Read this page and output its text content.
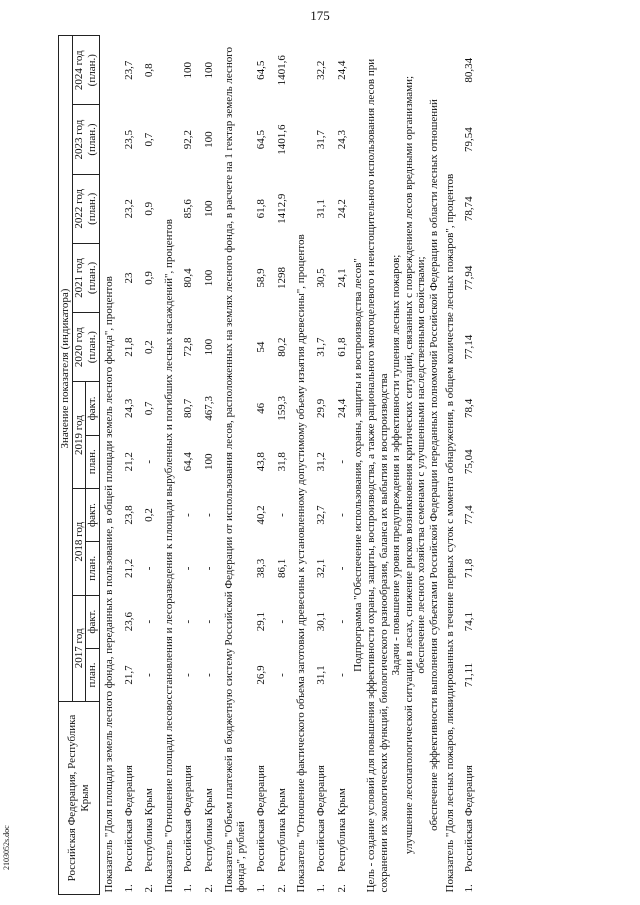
175
2103052s.doc	Российская Федерация, Республика Крым		Значение показателя (индикатора)										
		2017 год		2018 год		2019 год		2020 год (план.)	2021 год (план.)	2022 год (план.)	2023 год (план.)	2024 год (план.)
		план.	факт.	план.	факт.	план.	факт.					
Показатель "Доля площади земель лесного фонда, переданных в пользование, в общей площади земель лесного фонда", процентов												
1.	Российская Федерация	21,7	23,6	21,2	23,8	21,2	24,3	21,8	23	23,2	23,5	23,7
2.	Республика Крым	-	-	-	0,2	-	0,7	0,2	0,9	0,9	0,7	0,8
Показатель "Отношение площади лесовосстановления и лесоразведения к площади вырубленных и погибших лесных насаждений", процентов												
1.	Российская Федерация	-	-	-	-	64,4	80,7	72,8	80,4	85,6	92,2	100
2.	Республика Крым	-	-	-	-	100	467,3	100	100	100	100	100
Показатель "Объем платежей в бюджетную систему Российской Федерации от использования лесов, расположенных на землях лесного фонда, в расчете на 1 гектар земель лесного фонда", рублей												
1.	Российская Федерация	26,9	29,1	38,3	40,2	43,8	46	54	58,9	61,8	64,5	64,5
2.	Республика Крым	-	-	86,1	-	31,8	159,3	80,2	1298	1412,9	1401,6	1401,6
Показатель "Отношение фактического объема заготовки древесины к установленному допустимому объему изъятия древесины", процентов												
1.	Российская Федерация	31,1	30,1	32,1	32,7	31,2	29,9	31,7	30,5	31,1	31,7	32,2
2.	Республика Крым	-	-	-	-	-	24,4	61,8	24,1	24,2	24,3	24,4
Подпрограмма "Обеспечение использования, охраны, защиты и воспроизводства лесов"												
Цель - создание условий для повышения эффективности охраны, защиты, воспроизводства, а также рационального многоцелевого и неистощительного использования лесов при сохранении их экологических функций, биологического разнообразия, баланса их выбытия и воспроизводства												
Задачи - повышение уровня предупреждения и эффективности тушения лесных пожаров;												
улучшение лесопатологической ситуации в лесах, снижение рисков возникновения критических ситуаций, связанных с повреждением лесов вредными организмами;												
обеспечение лесного хозяйства семенами с улучшенными наследственными свойствами;												
обеспечение эффективности выполнения субъектами Российской Федерации переданных полномочий Российской Федерации в области лесных отношений												
Показатель "Доля лесных пожаров, ликвидированных в течение первых суток с момента обнаружения, в общем количестве лесных пожаров", процентов												
1.	Российская Федерация	71,11	74,1	71,8	77,4	75,04	78,4	77,14	77,94	78,74	79,54	80,34
